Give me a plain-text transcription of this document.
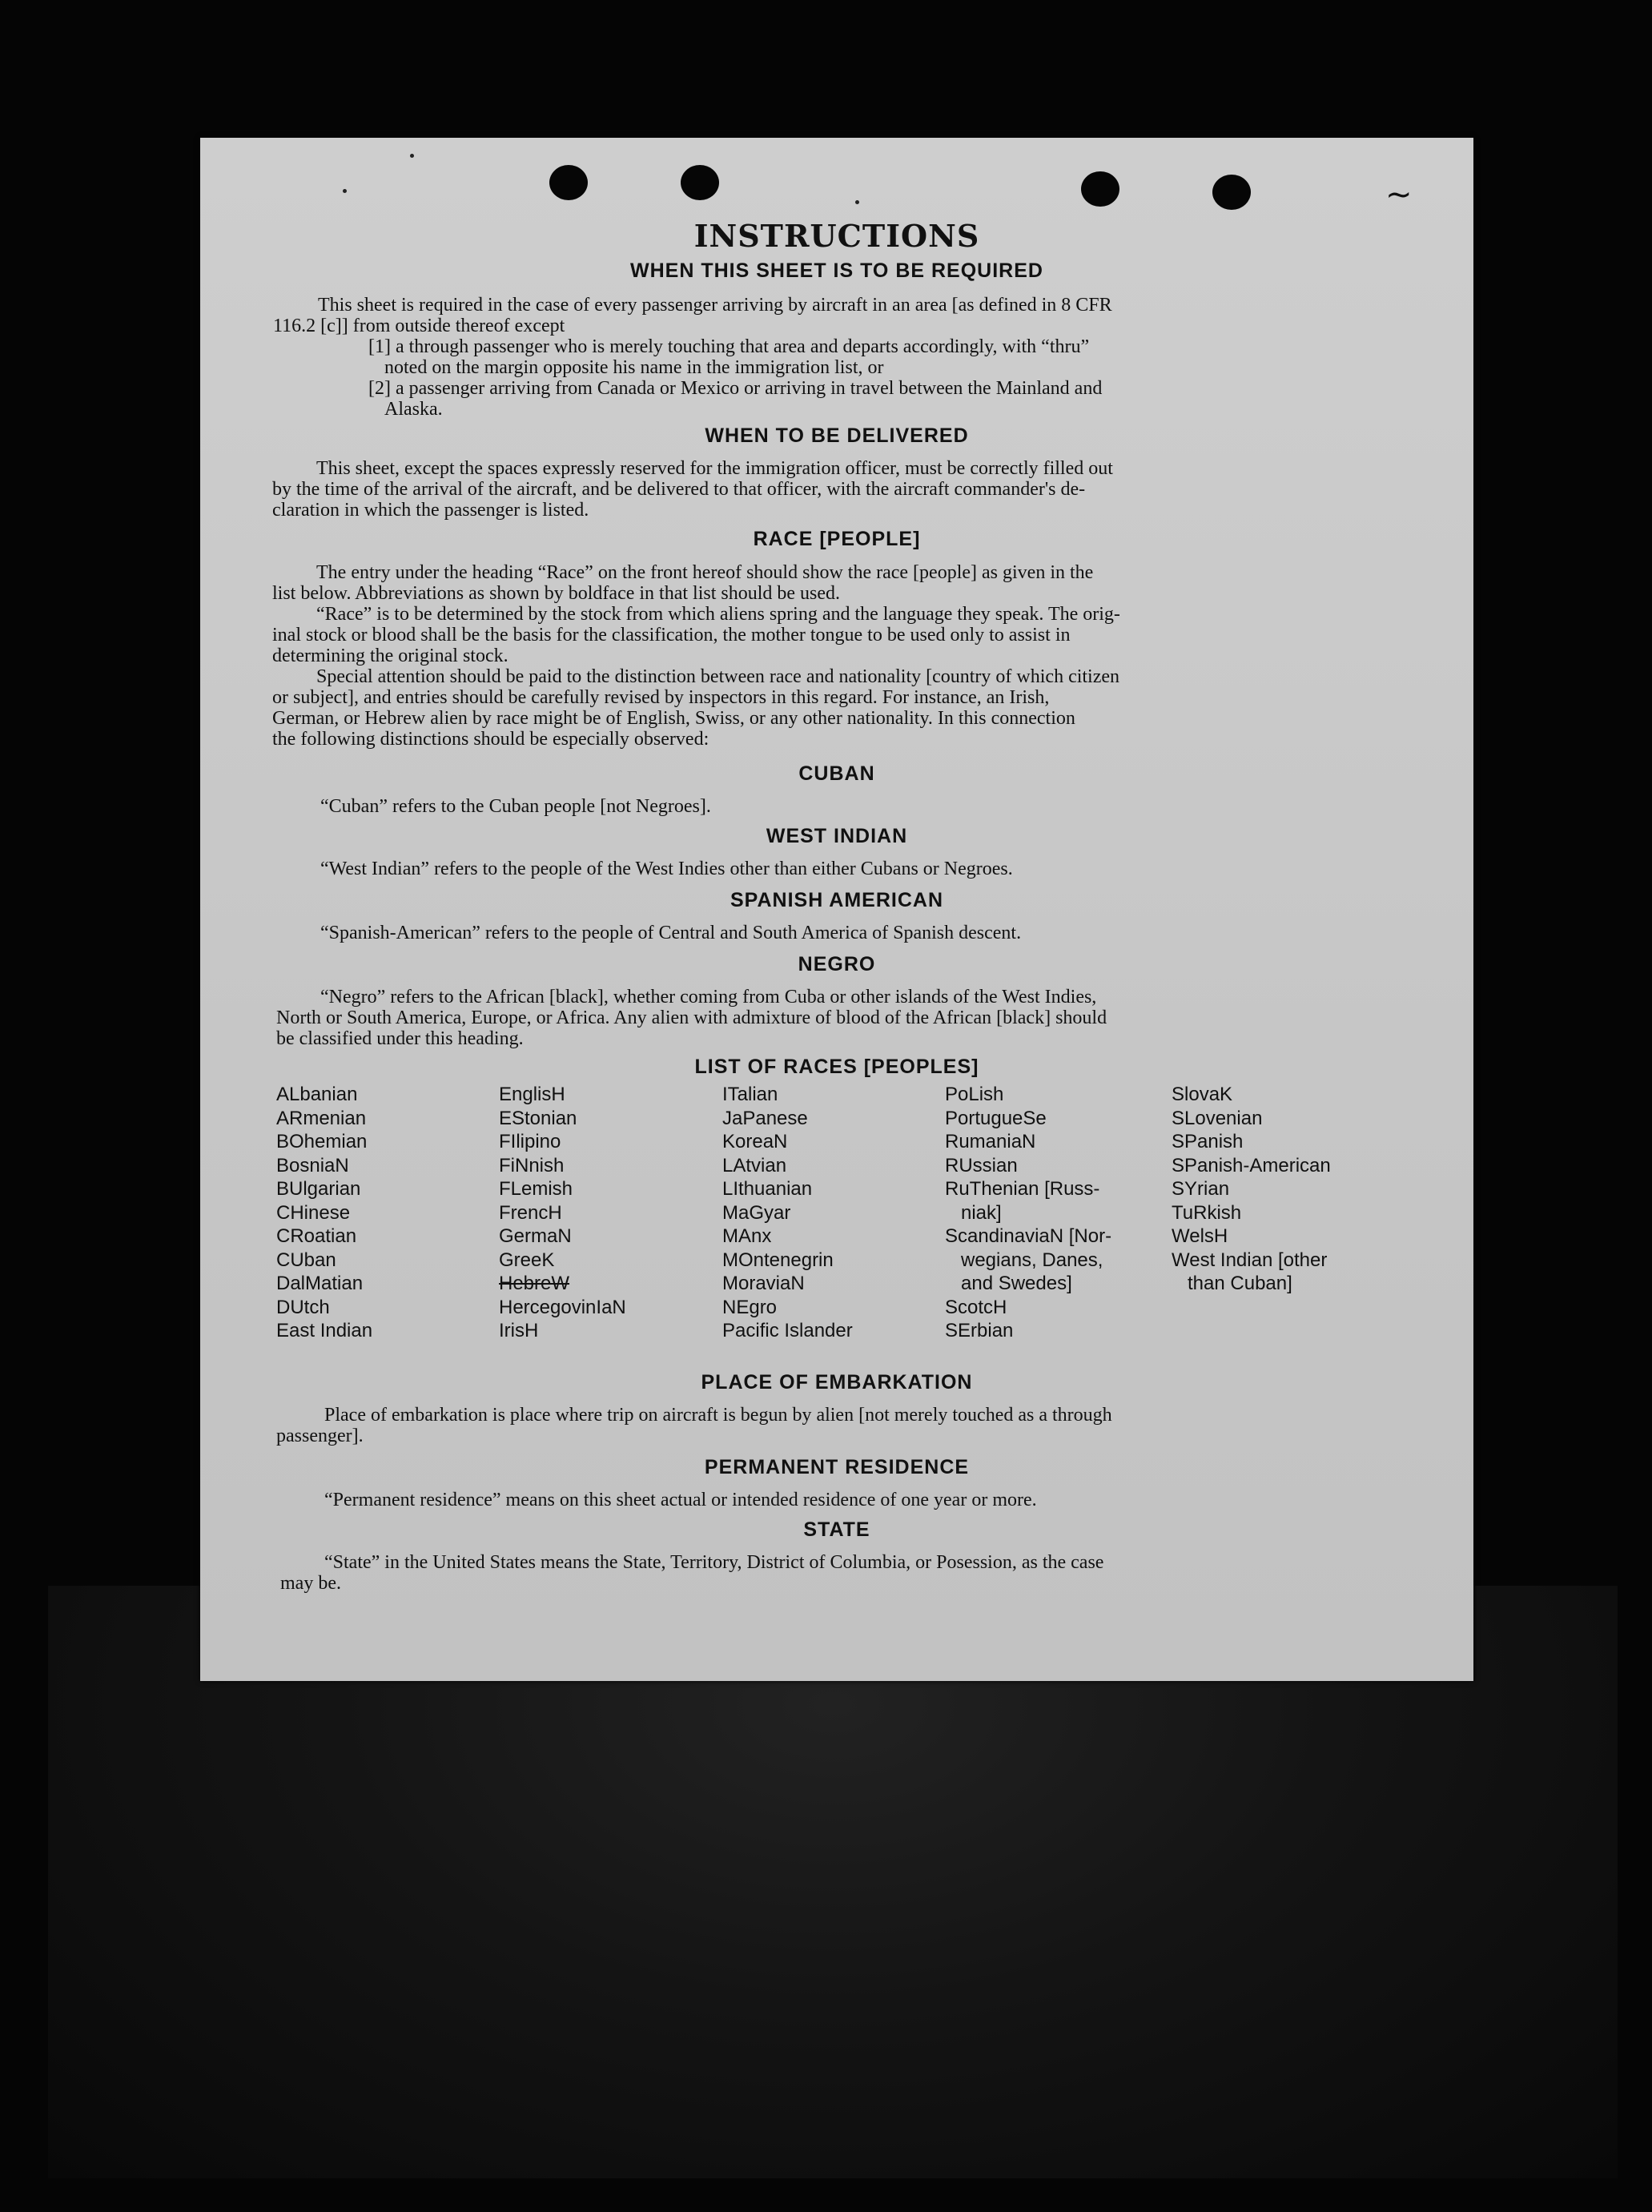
~
INSTRUCTIONS
WHEN THIS SHEET IS TO BE REQUIRED
This sheet is required in the case of every passenger arriving by aircraft in an area [as defined in 8 CFR
116.2 [c]] from outside thereof except
[1] a through passenger who is merely touching that area and departs accordingly, with “thru”
noted on the margin opposite his name in the immigration list, or
[2] a passenger arriving from Canada or Mexico or arriving in travel between the Mainland and
Alaska.
WHEN TO BE DELIVERED
This sheet, except the spaces expressly reserved for the immigration officer, must be correctly filled out
by the time of the arrival of the aircraft, and be delivered to that officer, with the aircraft commander's de-
claration in which the passenger is listed.
RACE [PEOPLE]
The entry under the heading “Race” on the front hereof should show the race [people] as given in the
list below. Abbreviations as shown by boldface in that list should be used.
“Race” is to be determined by the stock from which aliens spring and the language they speak. The orig-
inal stock or blood shall be the basis for the classification, the mother tongue to be used only to assist in
determining the original stock.
Special attention should be paid to the distinction between race and nationality [country of which citizen
or subject], and entries should be carefully revised by inspectors in this regard. For instance, an Irish,
German, or Hebrew alien by race might be of English, Swiss, or any other nationality. In this connection
the following distinctions should be especially observed:
CUBAN
“Cuban” refers to the Cuban people [not Negroes].
WEST INDIAN
“West Indian” refers to the people of the West Indies other than either Cubans or Negroes.
SPANISH AMERICAN
“Spanish-American” refers to the people of Central and South America of Spanish descent.
NEGRO
“Negro” refers to the African [black], whether coming from Cuba or other islands of the West Indies,
North or South America, Europe, or Africa. Any alien with admixture of blood of the African [black] should
be classified under this heading.
LIST OF RACES [PEOPLES]
ALbanian
ARmenian
BOhemian
BosniaN
BUlgarian
CHinese
CRoatian
CUban
DalMatian
DUtch
East Indian
EnglisH
EStonian
FIlipino
FiNnish
FLemish
FrencH
GermaN
GreeK
HebreW
HercegovinIaN
IrisH
ITalian
JaPanese
KoreaN
LAtvian
LIthuanian
MaGyar
MAnx
MOntenegrin
MoraviaN
NEgro
Pacific Islander
PoLish
PortugueSe
RumaniaN
RUssian
RuThenian [Russ-
niak]
ScandinaviaN [Nor-
wegians, Danes,
and Swedes]
ScotcH
SErbian
SlovaK
SLovenian
SPanish
SPanish-American
SYrian
TuRkish
WelsH
West Indian [other
than Cuban]
PLACE OF EMBARKATION
Place of embarkation is place where trip on aircraft is begun by alien [not merely touched as a through
passenger].
PERMANENT RESIDENCE
“Permanent residence” means on this sheet actual or intended residence of one year or more.
STATE
“State” in the United States means the State, Territory, District of Columbia, or Posession, as the case
may be.
